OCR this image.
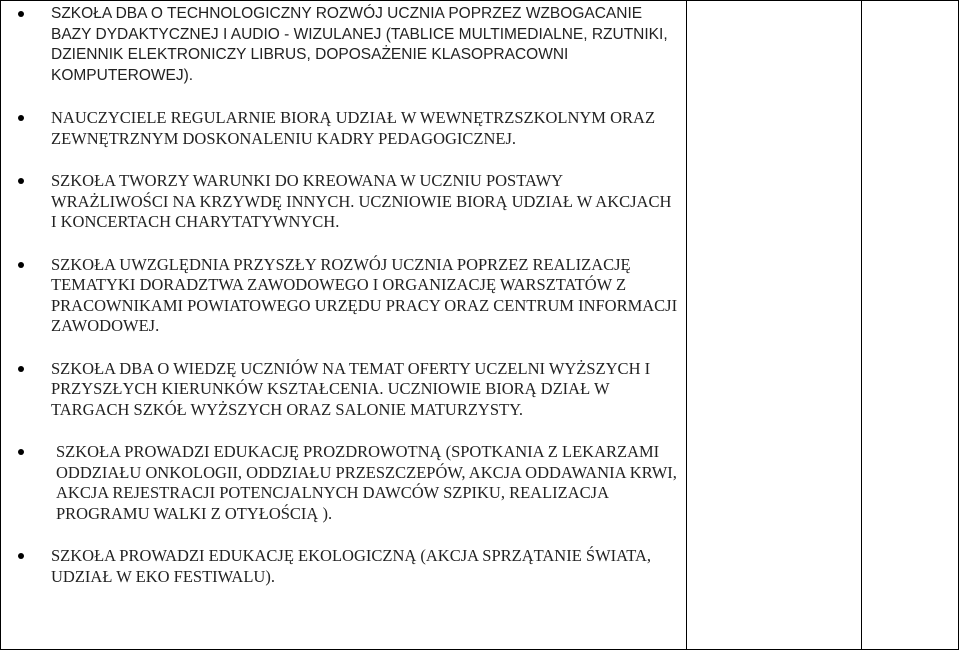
SZKOŁA DBA O TECHNOLOGICZNY ROZWÓJ UCZNIA POPRZEZ WZBOGACANIE BAZY DYDAKTYCZNEJ I AUDIO - WIZULANEJ (TABLICE MULTIMEDIALNE, RZUTNIKI, DZIENNIK ELEKTRONICZY LIBRUS, DOPOSAŻENIE KLASOPRACOWNI KOMPUTEROWEJ).
NAUCZYCIELE REGULARNIE BIORĄ UDZIAŁ W WEWNĘTRZSZKOLNYM ORAZ ZEWNĘTRZNYM DOSKONALENIU KADRY PEDAGOGICZNEJ.
SZKOŁA TWORZY WARUNKI DO KREOWANA W UCZNIU POSTAWY WRAŻLIWOŚCI NA KRZYWDĘ INNYCH. UCZNIOWIE BIORĄ UDZIAŁ W AKCJACH I KONCERTACH CHARYTATYWNYCH.
SZKOŁA UWZGLĘDNIA PRZYSZŁY ROZWÓJ UCZNIA POPRZEZ REALIZACJĘ TEMATYKI DORADZTWA ZAWODOWEGO I ORGANIZACJĘ WARSZTATÓW Z PRACOWNIKAMI POWIATOWEGO URZĘDU PRACY ORAZ CENTRUM INFORMACJI ZAWODOWEJ.
SZKOŁA DBA O WIEDZĘ UCZNIÓW NA TEMAT OFERTY UCZELNI WYŻSZYCH I PRZYSZŁYCH KIERUNKÓW KSZTAŁCENIA. UCZNIOWIE BIORĄ DZIAŁ W TARGACH SZKÓŁ WYŻSZYCH ORAZ SALONIE MATURZYSTY.
SZKOŁA PROWADZI EDUKACJĘ PROZDROWOTNĄ (SPOTKANIA Z LEKARZAMI ODDZIAŁU ONKOLOGII, ODDZIAŁU PRZESZCZEPÓW, AKCJA ODDAWANIA KRWI, AKCJA REJESTRACJI POTENCJALNYCH DAWCÓW SZPIKU, REALIZACJA PROGRAMU WALKI Z OTYŁOŚCIĄ ).
SZKOŁA PROWADZI EDUKACJĘ EKOLOGICZNĄ (AKCJA SPRZĄTANIE ŚWIATA, UDZIAŁ W EKO FESTIWALU).
